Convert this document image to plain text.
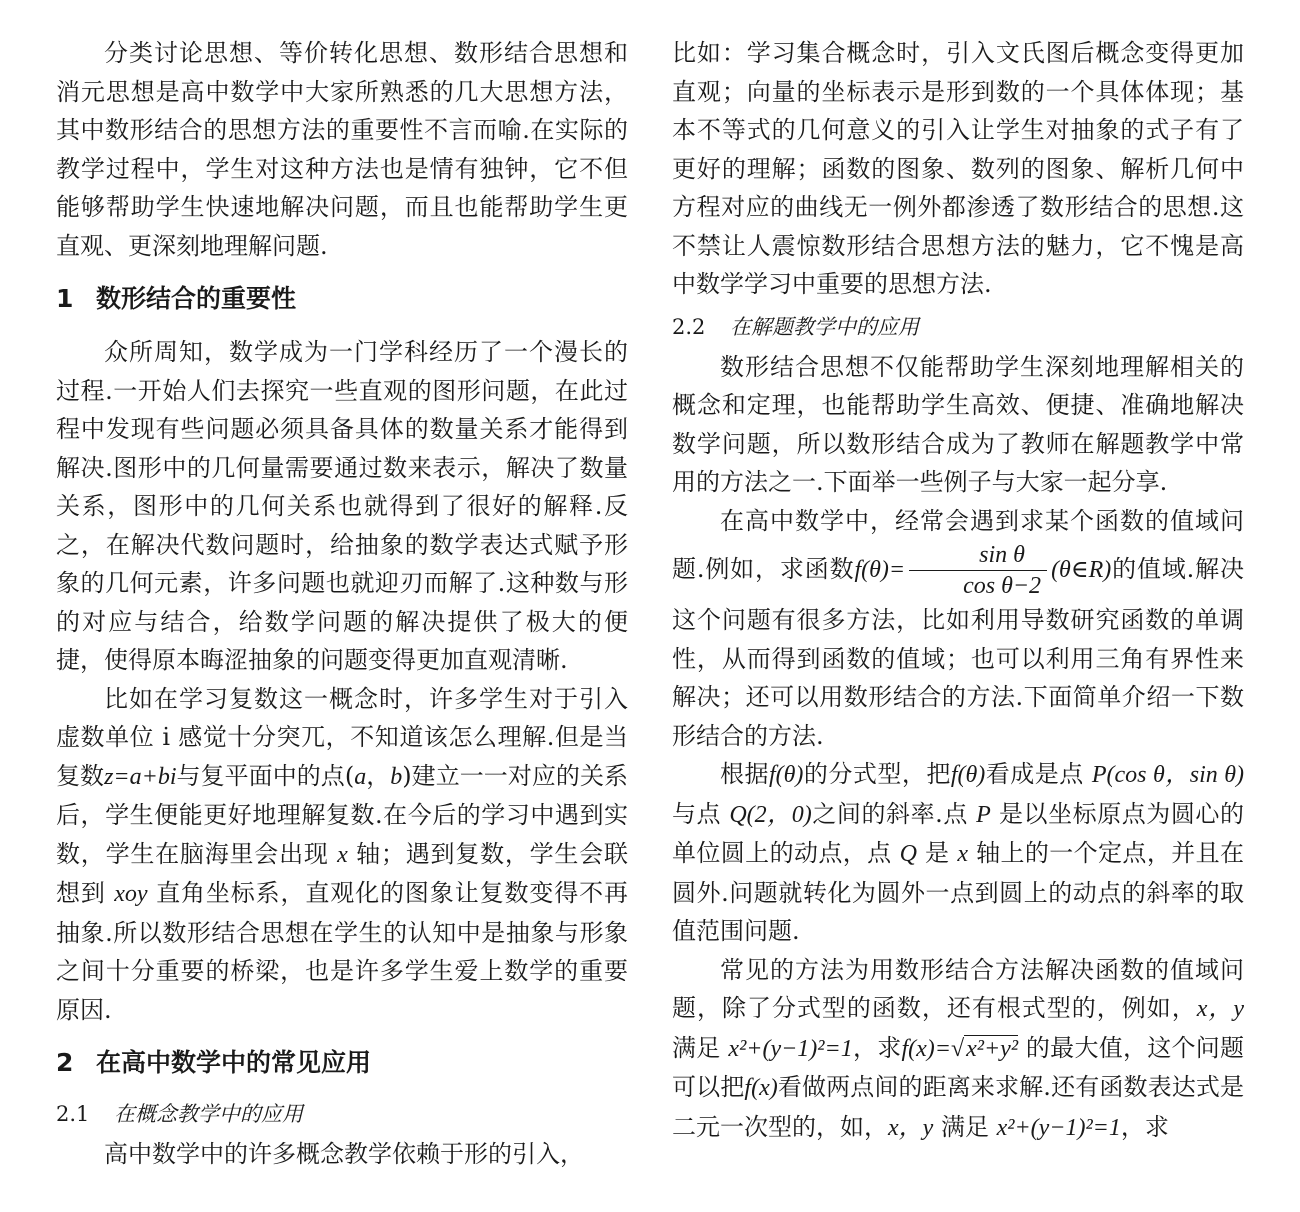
分类讨论思想、等价转化思想、数形结合思想和消元思想是高中数学中大家所熟悉的几大思想方法，其中数形结合的思想方法的重要性不言而喻.在实际的教学过程中，学生对这种方法也是情有独钟，它不但能够帮助学生快速地解决问题，而且也能帮助学生更直观、更深刻地理解问题.

1 数形结合的重要性

众所周知，数学成为一门学科经历了一个漫长的过程.一开始人们去探究一些直观的图形问题，在此过程中发现有些问题必须具备具体的数量关系才能得到解决.图形中的几何量需要通过数来表示，解决了数量关系，图形中的几何关系也就得到了很好的解释.反之，在解决代数问题时，给抽象的数学表达式赋予形象的几何元素，许多问题也就迎刃而解了.这种数与形的对应与结合，给数学问题的解决提供了极大的便捷，使得原本晦涩抽象的问题变得更加直观清晰.

比如在学习复数这一概念时，许多学生对于引入虚数单位 i 感觉十分突兀，不知道该怎么理解.但是当复数z=a+bi与复平面中的点(a，b)建立一一对应的关系后，学生便能更好地理解复数.在今后的学习中遇到实数，学生在脑海里会出现 x 轴；遇到复数，学生会联想到 xoy 直角坐标系，直观化的图象让复数变得不再抽象.所以数形结合思想在学生的认知中是抽象与形象之间十分重要的桥梁，也是许多学生爱上数学的重要原因.

2 在高中数学中的常见应用
2.1 在概念教学中的应用

高中数学中的许多概念教学依赖于形的引入，

比如：学习集合概念时，引入文氏图后概念变得更加直观；向量的坐标表示是形到数的一个具体体现；基本不等式的几何意义的引入让学生对抽象的式子有了更好的理解；函数的图象、数列的图象、解析几何中方程对应的曲线无一例外都渗透了数形结合的思想.这不禁让人震惊数形结合思想方法的魅力，它不愧是高中数学学习中重要的思想方法.

2.2 在解题教学中的应用

数形结合思想不仅能帮助学生深刻地理解相关的概念和定理，也能帮助学生高效、便捷、准确地解决数学问题，所以数形结合成为了教师在解题教学中常用的方法之一.下面举一些例子与大家一起分享.

在高中数学中，经常会遇到求某个函数的值域问题.例如，求函数$f(\theta)= \frac{\text{sin θ}}{\text{cos θ−2}}$ (θ∈R)的值域.解决这个问题有很多方法，比如利用导数研究函数的单调性，从而得到函数的值域；也可以利用三角有界性来解决；还可以用数形结合的方法.下面简单介绍一下数形结合的方法.

根据f(θ)的分式型，把f(θ)看成是点 P(cos θ，sin θ)与点 Q(2，0)之间的斜率.点 P 是以坐标原点为圆心的单位圆上的动点，点 Q 是 x 轴上的一个定点，并且在圆外.问题就转化为圆外一点到圆上的动点的斜率的取值范围问题.

常见的方法为用数形结合方法解决函数的值域问题，除了分式型的函数，还有根式型的，例如，x，y 满足 x²+(y−1)²=1，求f(x)=√x²+y² 的最大值，这个问题可以把f(x)看做两点间的距离来求解.还有函数表达式是二元一次型的，如，x，y 满足 x²+(y−1)²=1，求
